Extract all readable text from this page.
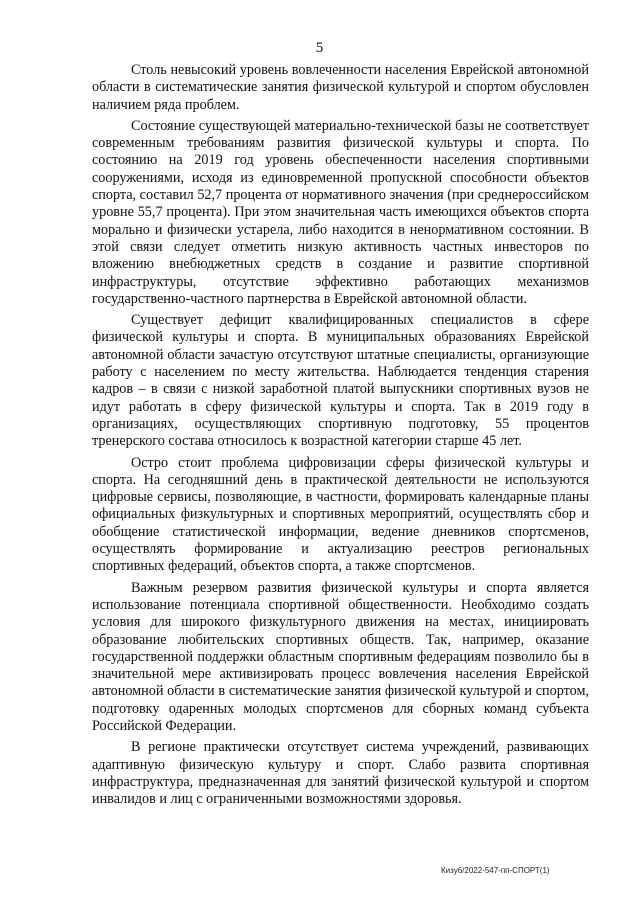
5

Столь невысокий уровень вовлеченности населения Еврейской автономной области в систематические занятия физической культурой и спортом обусловлен наличием ряда проблем.

Состояние существующей материально-технической базы не соответствует современным требованиям развития физической культуры и спорта. По состоянию на 2019 год уровень обеспеченности населения спортивными сооружениями, исходя из единовременной пропускной способности объектов спорта, составил 52,7 процента от нормативного значения (при среднероссийском уровне 55,7 процента). При этом значительная часть имеющихся объектов спорта морально и физически устарела, либо находится в ненормативном состоянии. В этой связи следует отметить низкую активность частных инвесторов по вложению внебюджетных средств в создание и развитие спортивной инфраструктуры, отсутствие эффективно работающих механизмов государственно-частного партнерства в Еврейской автономной области.

Существует дефицит квалифицированных специалистов в сфере физической культуры и спорта. В муниципальных образованиях Еврейской автономной области зачастую отсутствуют штатные специалисты, организующие работу с населением по месту жительства. Наблюдается тенденция старения кадров – в связи с низкой заработной платой выпускники спортивных вузов не идут работать в сферу физической культуры и спорта. Так в 2019 году в организациях, осуществляющих спортивную подготовку, 55 процентов тренерского состава относилось к возрастной категории старше 45 лет.

Остро стоит проблема цифровизации сферы физической культуры и спорта. На сегодняшний день в практической деятельности не используются цифровые сервисы, позволяющие, в частности, формировать календарные планы официальных физкультурных и спортивных мероприятий, осуществлять сбор и обобщение статистической информации, ведение дневников спортсменов, осуществлять формирование и актуализацию реестров региональных спортивных федераций, объектов спорта, а также спортсменов.

Важным резервом развития физической культуры и спорта является использование потенциала спортивной общественности. Необходимо создать условия для широкого физкультурного движения на местах, инициировать образование любительских спортивных обществ. Так, например, оказание государственной поддержки областным спортивным федерациям позволило бы в значительной мере активизировать процесс вовлечения населения Еврейской автономной области в систематические занятия физической культурой и спортом, подготовку одаренных молодых спортсменов для сборных команд субъекта Российской Федерации.

В регионе практически отсутствует система учреждений, развивающих адаптивную физическую культуру и спорт. Слабо развита спортивная инфраструктура, предназначенная для занятий физической культурой и спортом инвалидов и лиц с ограниченными возможностями здоровья.

Кизу6/2022-547-пп-СПОРТ(1)
